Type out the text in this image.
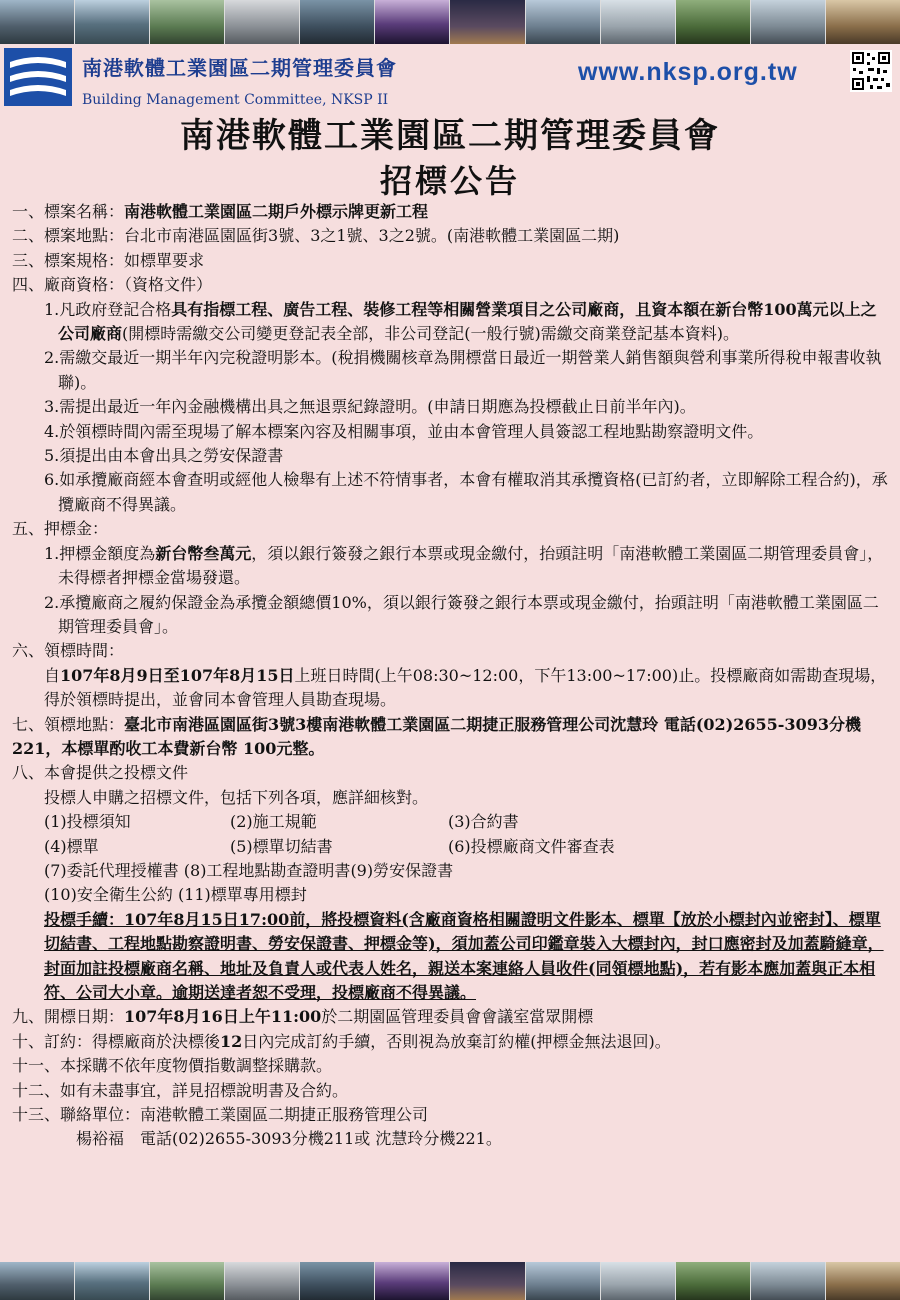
南港軟體工業園區二期管理委員會
Building Management Committee, NKSP II
www.nksp.org.tw
南港軟體工業園區二期管理委員會
招標公告

一、標案名稱：南港軟體工業園區二期戶外標示牌更新工程

二、標案地點：台北市南港區園區街3號、3之1號、3之2號。(南港軟體工業園區二期)

三、標案規格：如標單要求

四、廠商資格：（資格文件）

1.凡政府登記合格具有指標工程、廣告工程、裝修工程等相關營業項目之公司廠商，且資本額在新台幣100萬元以上之公司廠商(開標時需繳交公司變更登記表全部，非公司登記(一般行號)需繳交商業登記基本資料)。

2.需繳交最近一期半年內完稅證明影本。(稅捐機關核章為開標當日最近一期營業人銷售額與營利事業所得稅申報書收執聯)。

3.需提出最近一年內金融機構出具之無退票紀錄證明。(申請日期應為投標截止日前半年內)。

4.於領標時間內需至現場了解本標案內容及相關事項，並由本會管理人員簽認工程地點勘察證明文件。

5.須提出由本會出具之勞安保證書

6.如承攬廠商經本會查明或經他人檢舉有上述不符情事者，本會有權取消其承攬資格(已訂約者，立即解除工程合約)，承攬廠商不得異議。

五、押標金：

1.押標金額度為新台幣叁萬元，須以銀行簽發之銀行本票或現金繳付，抬頭註明「南港軟體工業園區二期管理委員會」，未得標者押標金當場發還。

2.承攬廠商之履約保證金為承攬金額總價10%，須以銀行簽發之銀行本票或現金繳付，抬頭註明「南港軟體工業園區二期管理委員會」。

六、領標時間：

自107年8月9日至107年8月15日上班日時間(上午08:30~12:00，下午13:00~17:00)止。投標廠商如需勘查現場，得於領標時提出，並會同本會管理人員勘查現場。

七、領標地點：臺北市南港區園區街3號3樓南港軟體工業園區二期捷正服務管理公司沈慧玲 電話(02)2655-3093分機221，本標單酌收工本費新台幣 100元整。

八、本會提供之投標文件

投標人申購之招標文件，包括下列各項，應詳細核對。

(1)投標須知	(2)施工規範	(3)合約書
(4)標單	(5)標單切結書	(6)投標廠商文件審查表

(7)委託代理授權書 (8)工程地點勘查證明書(9)勞安保證書

(10)安全衛生公約 (11)標單專用標封

投標手續：107年8月15日17:00前，將投標資料(含廠商資格相關證明文件影本、標單【放於小標封內並密封】、標單切結書、工程地點勘察證明書、勞安保證書、押標金等)，須加蓋公司印鑑章裝入大標封內，封口應密封及加蓋騎縫章，封面加註投標廠商名稱、地址及負責人或代表人姓名，親送本案連絡人員收件(同領標地點)，若有影本應加蓋與正本相符、公司大小章。逾期送達者恕不受理，投標廠商不得異議。

九、開標日期：107年8月16日上午11:00於二期園區管理委員會會議室當眾開標

十、訂約：得標廠商於決標後12日內完成訂約手續，否則視為放棄訂約權(押標金無法退回)。

十一、本採購不依年度物價指數調整採購款。

十二、如有未盡事宜，詳見招標說明書及合約。

十三、聯絡單位：南港軟體工業園區二期捷正服務管理公司

楊裕福　電話(02)2655-3093分機211或 沈慧玲分機221。
